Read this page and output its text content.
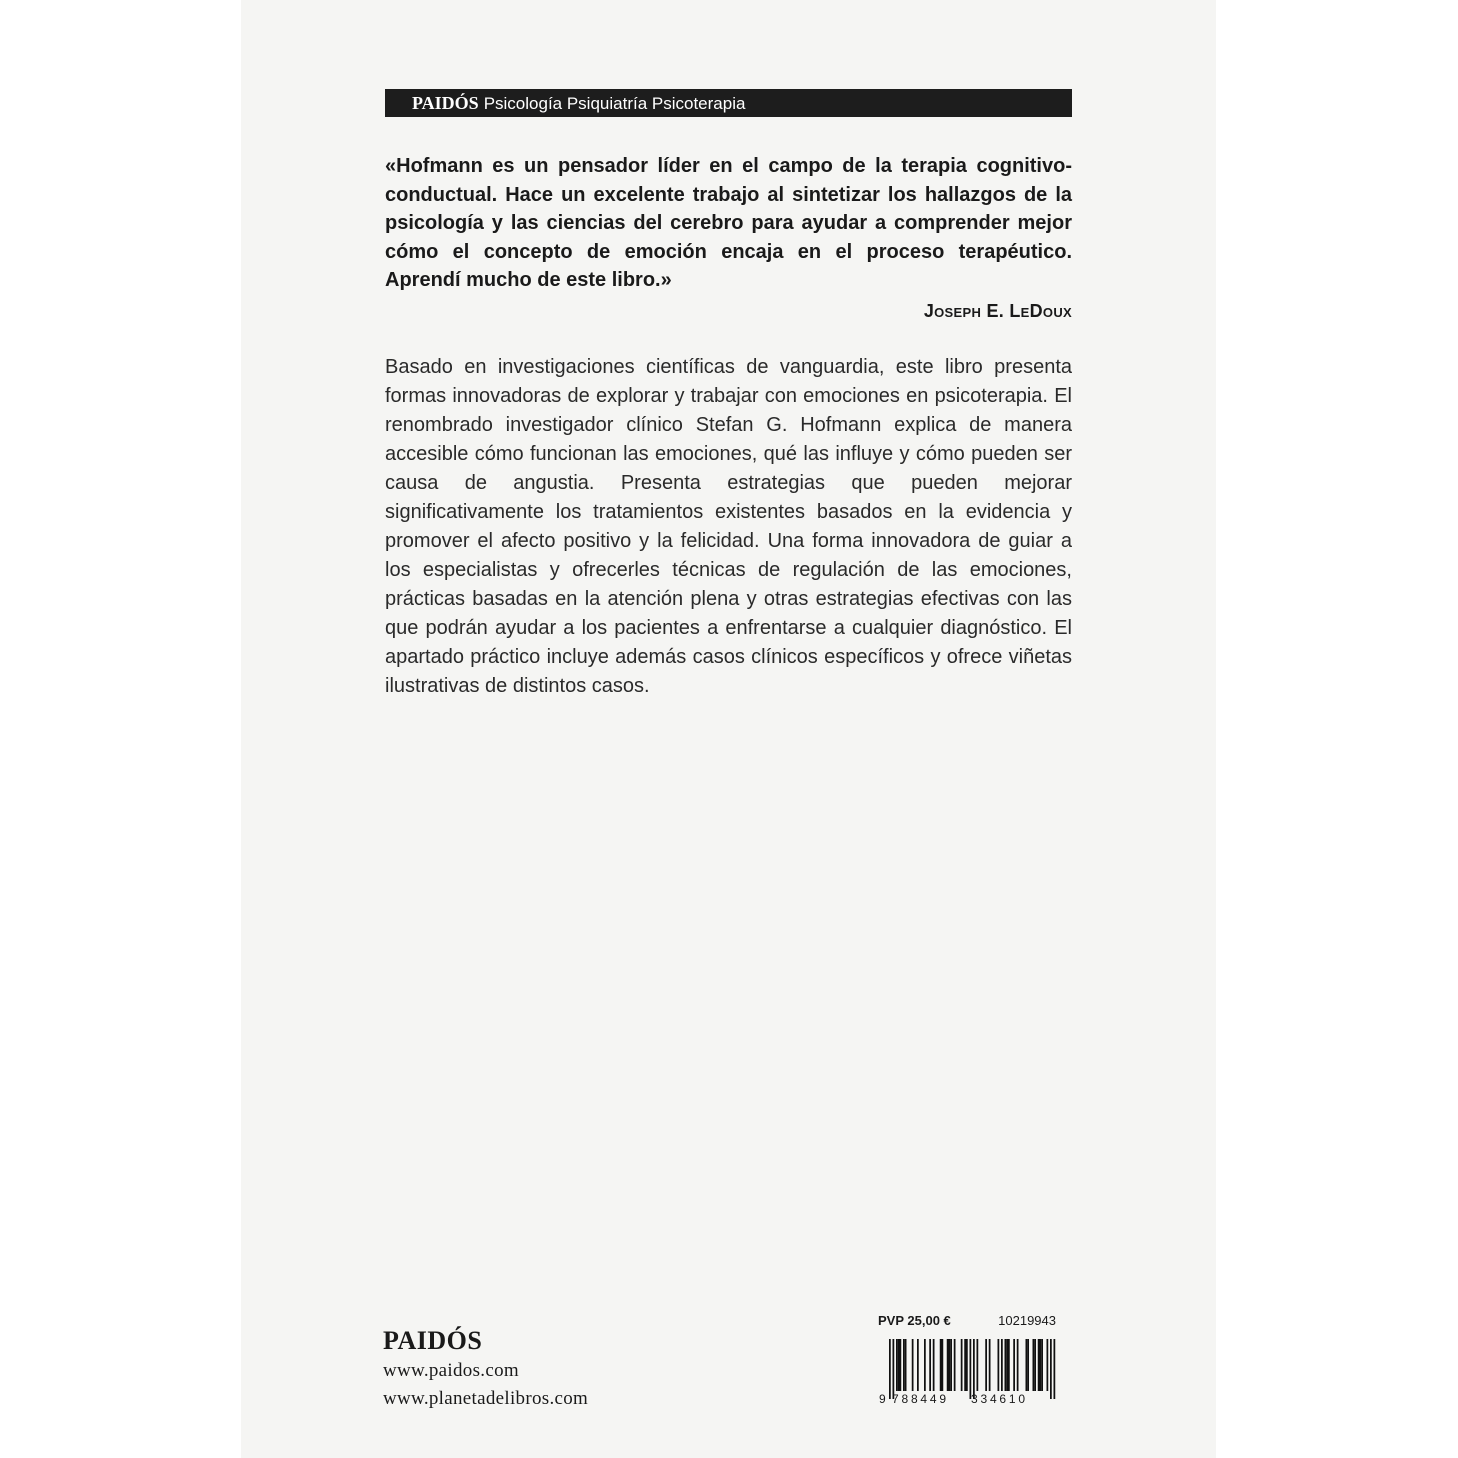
PAIDÓS Psicología Psiquiatría Psicoterapia

«Hofmann es un pensador líder en el campo de la terapia cognitivo-conductual. Hace un excelente trabajo al sintetizar los hallazgos de la psicología y las ciencias del cerebro para ayudar a comprender mejor cómo el concepto de emoción encaja en el proceso terapéutico. Aprendí mucho de este libro.»

Joseph E. LeDoux

Basado en investigaciones científicas de vanguardia, este libro presenta formas innovadoras de explorar y trabajar con emociones en psicoterapia. El renombrado investigador clínico Stefan G. Hofmann explica de manera accesible cómo funcionan las emociones, qué las influye y cómo pueden ser causa de angustia. Presenta estrategias que pueden mejorar significativamente los tratamientos existentes basados en la evidencia y promover el afecto positivo y la felicidad. Una forma innovadora de guiar a los especialistas y ofrecerles técnicas de regulación de las emociones, prácticas basadas en la atención plena y otras estrategias efectivas con las que podrán ayudar a los pacientes a enfrentarse a cualquier diagnóstico. El apartado práctico incluye además casos clínicos específicos y ofrece viñetas ilustrativas de distintos casos.

PAIDÓS
www.paidos.com
www.planetadelibros.com
PVP 25,00 €	10219943
9 788449 334610
